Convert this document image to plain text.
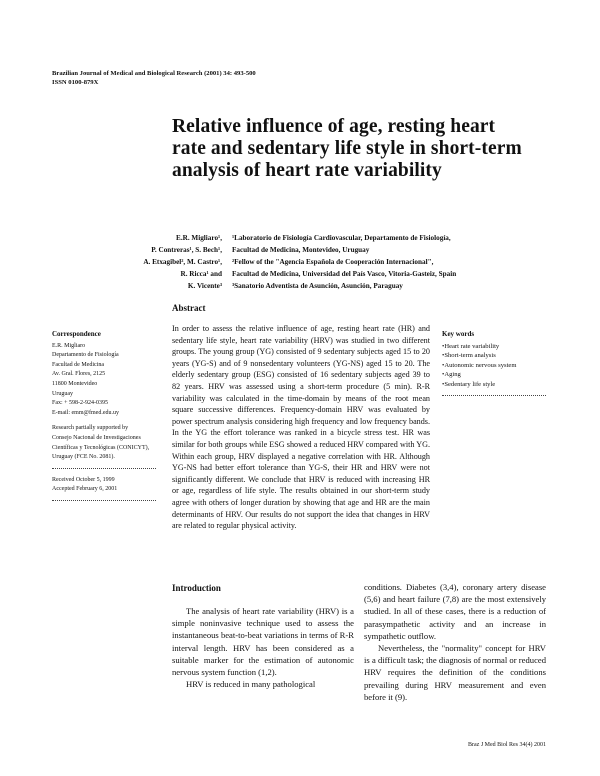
Brazilian Journal of Medical and Biological Research (2001) 34: 493-500
ISSN 0100-879X
Relative influence of age, resting heart rate and sedentary life style in short-term analysis of heart rate variability
E.R. Migliaro¹,
P. Contreras¹, S. Bech¹,
A. Etxagibel², M. Castro¹,
R. Ricca¹ and
K. Vicente³
¹Laboratorio de Fisiología Cardiovascular, Departamento de Fisiología,
Facultad de Medicina, Montevideo, Uruguay
²Fellow of the "Agencia Española de Cooperación Internacional",
Facultad de Medicina, Universidad del País Vasco, Vitoria-Gasteiz, Spain
³Sanatorio Adventista de Asunción, Asunción, Paraguay
Abstract
In order to assess the relative influence of age, resting heart rate (HR) and sedentary life style, heart rate variability (HRV) was studied in two different groups. The young group (YG) consisted of 9 sedentary subjects aged 15 to 20 years (YG-S) and of 9 nonsedentary volunteers (YG-NS) aged 15 to 20. The elderly sedentary group (ESG) consisted of 16 sedentary subjects aged 39 to 82 years. HRV was assessed using a short-term procedure (5 min). R-R variability was calculated in the time-domain by means of the root mean square successive differences. Frequency-domain HRV was evaluated by power spectrum analysis considering high frequency and low frequency bands. In the YG the effort tolerance was ranked in a bicycle stress test. HR was similar for both groups while ESG showed a reduced HRV compared with YG. Within each group, HRV displayed a negative correlation with HR. Although YG-NS had better effort tolerance than YG-S, their HR and HRV were not significantly different. We conclude that HRV is reduced with increasing HR or age, regardless of life style. The results obtained in our short-term study agree with others of longer duration by showing that age and HR are the main determinants of HRV. Our results do not support the idea that changes in HRV are related to regular physical activity.
Correspondence
E.R. Migliaro
Departamento de Fisiología
Facultad de Medicina
Av. Gral. Flores, 2125
11800 Montevideo
Uruguay
Fax: + 598-2-924-0395
E-mail: emm@fmed.edu.uy
Research partially supported by
Consejo Nacional de Investigaciones
Científicas y Tecnológicas (CONICYT),
Uruguay (FCE No. 2081).
Received October 5, 1999
Accepted February 6, 2001
Key words
• Heart rate variability
• Short-term analysis
• Autonomic nervous system
• Aging
• Sedentary life style
Introduction

The analysis of heart rate variability (HRV) is a simple noninvasive technique used to assess the instantaneous beat-to-beat variations in terms of R-R interval length. HRV has been considered as a suitable marker for the estimation of autonomic nervous system function (1,2).

HRV is reduced in many pathological

conditions. Diabetes (3,4), coronary artery disease (5,6) and heart failure (7,8) are the most extensively studied. In all of these cases, there is a reduction of parasympathetic activity and an increase in sympathetic outflow.

Nevertheless, the "normality" concept for HRV is a difficult task; the diagnosis of normal or reduced HRV requires the definition of the conditions prevailing during HRV measurement and even before it (9).

Braz J Med Biol Res 34(4) 2001
